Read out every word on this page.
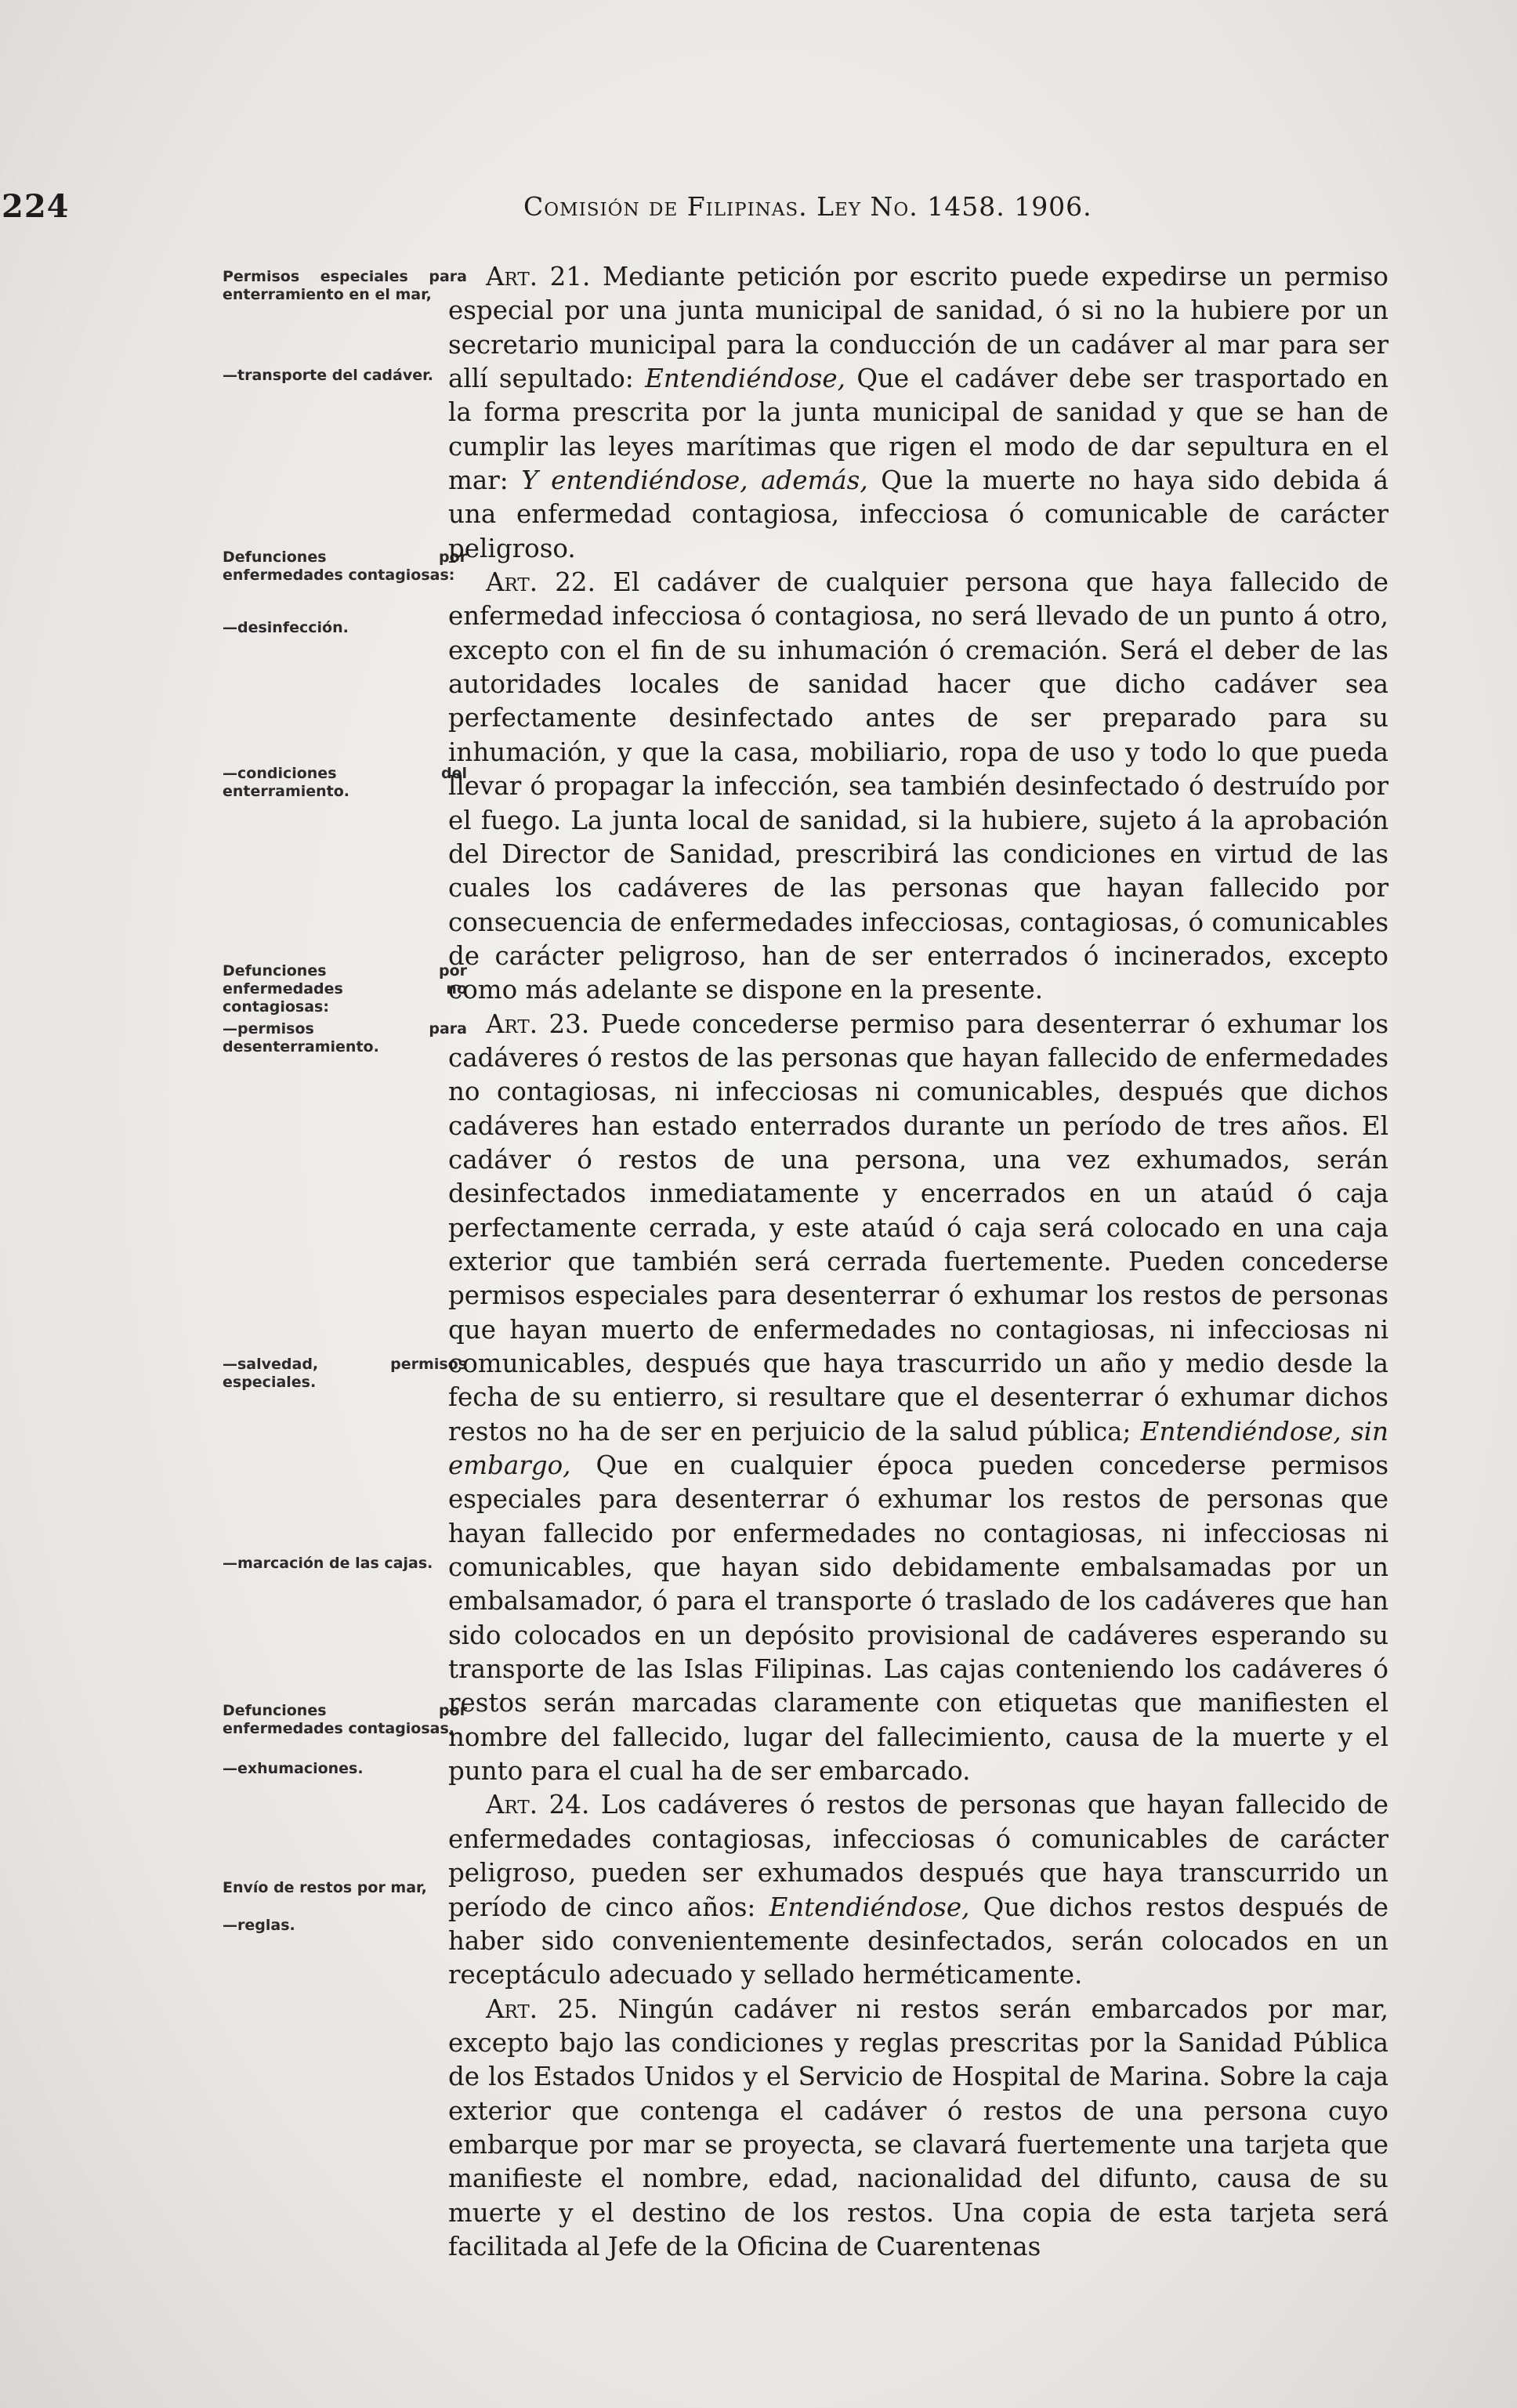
224	Comisión de Filipinas. Ley No. 1458. 1906.
Permisos especiales para enterramiento en el mar,
—transporte del cadáver.
Defunciones por enfermedades contagiosas:
—desinfección.
—condiciones del enterramiento.
Defunciones por enfermedades no contagiosas:
—permisos para desenterramiento.
—salvedad, permisos especiales.
—marcación de las cajas.
Defunciones por enfermedades contagiosas,
—exhumaciones.
Envío de restos por mar,
—reglas.

Art. 21. Mediante petición por escrito puede expedirse un permiso especial por una junta municipal de sanidad, ó si no la hubiere por un secretario municipal para la conducción de un cadáver al mar para ser allí sepultado: Entendiéndose, Que el cadáver debe ser trasportado en la forma prescrita por la junta municipal de sanidad y que se han de cumplir las leyes marítimas que rigen el modo de dar sepultura en el mar: Y entendiéndose, además, Que la muerte no haya sido debida á una enfermedad contagiosa, infecciosa ó comunicable de carácter peligroso.

Art. 22. El cadáver de cualquier persona que haya fallecido de enfermedad infecciosa ó contagiosa, no será llevado de un punto á otro, excepto con el fin de su inhumación ó cremación. Será el deber de las autoridades locales de sanidad hacer que dicho cadáver sea perfectamente desinfectado antes de ser preparado para su inhumación, y que la casa, mobiliario, ropa de uso y todo lo que pueda llevar ó propagar la infección, sea también desinfectado ó destruído por el fuego. La junta local de sanidad, si la hubiere, sujeto á la aprobación del Director de Sanidad, prescribirá las condiciones en virtud de las cuales los cadáveres de las personas que hayan fallecido por consecuencia de enfermedades infecciosas, contagiosas, ó comunicables de carácter peligroso, han de ser enterrados ó incinerados, excepto como más adelante se dispone en la presente.

Art. 23. Puede concederse permiso para desenterrar ó exhumar los cadáveres ó restos de las personas que hayan fallecido de enfermedades no contagiosas, ni infecciosas ni comunicables, después que dichos cadáveres han estado enterrados durante un período de tres años. El cadáver ó restos de una persona, una vez exhumados, serán desinfectados inmediatamente y encerrados en un ataúd ó caja perfectamente cerrada, y este ataúd ó caja será colocado en una caja exterior que también será cerrada fuertemente. Pueden concederse permisos especiales para desenterrar ó exhumar los restos de personas que hayan muerto de enfermedades no contagiosas, ni infecciosas ni comunicables, después que haya trascurrido un año y medio desde la fecha de su entierro, si resultare que el desenterrar ó exhumar dichos restos no ha de ser en perjuicio de la salud pública; Entendiéndose, sin embargo, Que en cualquier época pueden concederse permisos especiales para desenterrar ó exhumar los restos de personas que hayan fallecido por enfermedades no contagiosas, ni infecciosas ni comunicables, que hayan sido debidamente embalsamadas por un embalsamador, ó para el transporte ó traslado de los cadáveres que han sido colocados en un depósito provisional de cadáveres esperando su transporte de las Islas Filipinas. Las cajas conteniendo los cadáveres ó restos serán marcadas claramente con etiquetas que manifiesten el nombre del fallecido, lugar del fallecimiento, causa de la muerte y el punto para el cual ha de ser embarcado.

Art. 24. Los cadáveres ó restos de personas que hayan fallecido de enfermedades contagiosas, infecciosas ó comunicables de carácter peligroso, pueden ser exhumados después que haya transcurrido un período de cinco años: Entendiéndose, Que dichos restos después de haber sido convenientemente desinfectados, serán colocados en un receptáculo adecuado y sellado herméticamente.

Art. 25. Ningún cadáver ni restos serán embarcados por mar, excepto bajo las condiciones y reglas prescritas por la Sanidad Pública de los Estados Unidos y el Servicio de Hospital de Marina. Sobre la caja exterior que contenga el cadáver ó restos de una persona cuyo embarque por mar se proyecta, se clavará fuertemente una tarjeta que manifieste el nombre, edad, nacionalidad del difunto, causa de su muerte y el destino de los restos. Una copia de esta tarjeta será facilitada al Jefe de la Oficina de Cuarentenas
